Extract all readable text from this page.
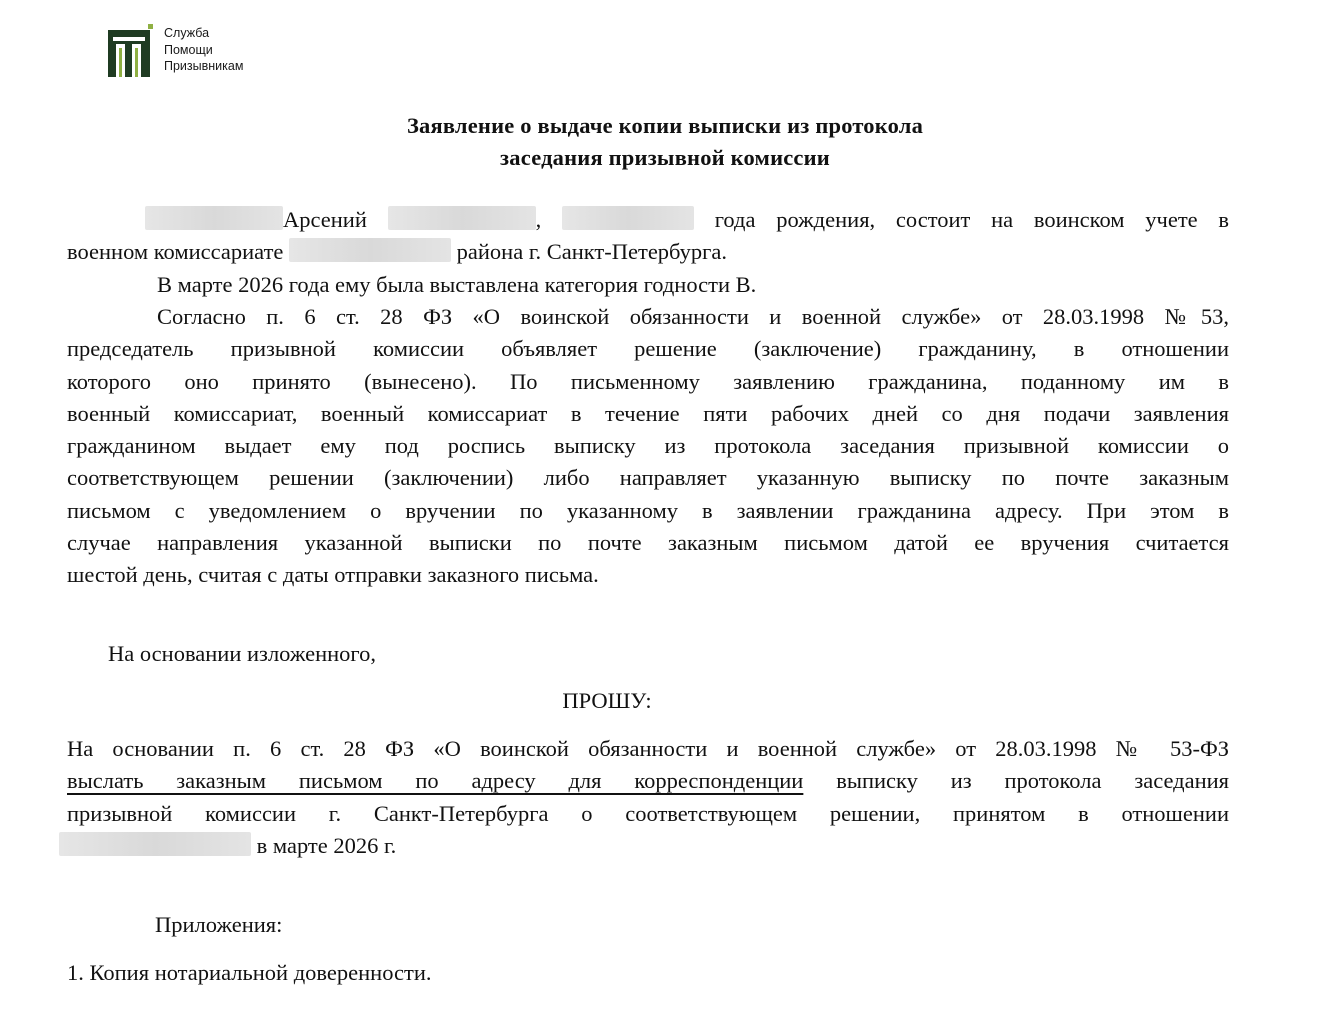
Служба
Помощи
Призывникам
Заявление о выдаче копии выписки из протокола
заседания призывной комиссии
Арсений	,	года рождения, состоит на воинском учете в
военном комиссариате	района г. Санкт-Петербурга.
В марте 2026 года ему была выставлена категория годности В.
Согласно п. 6 ст. 28 ФЗ «О воинской обязанности и военной службе» от 28.03.1998 №53,
председатель призывной комиссии объявляет решение (заключение) гражданину, в отношении
которого оно принято (вынесено). По письменному заявлению гражданина, поданному им в
военный комиссариат, военный комиссариат в течение пяти рабочих дней со дня подачи заявления
гражданином выдает ему под роспись выписку из протокола заседания призывной комиссии о
соответствующем решении (заключении) либо направляет указанную выписку по почте заказным
письмом с уведомлением о вручении по указанному в заявлении гражданина адресу. При этом в
случае направления указанной выписки по почте заказным письмом датой ее вручения считается
шестой день, считая с даты отправки заказного письма.
На основании изложенного,
ПРОШУ:
На основании п. 6 ст. 28 ФЗ «О воинской обязанности и военной службе» от 28.03.1998 № 53-ФЗ
выслать заказным письмом по адресу для корреспонденции выписку из протокола заседания
призывной комиссии г. Санкт-Петербурга о соответствующем решении, принятом в отношении
в марте 2026 г.
Приложения:
1. Копия нотариальной доверенности.
